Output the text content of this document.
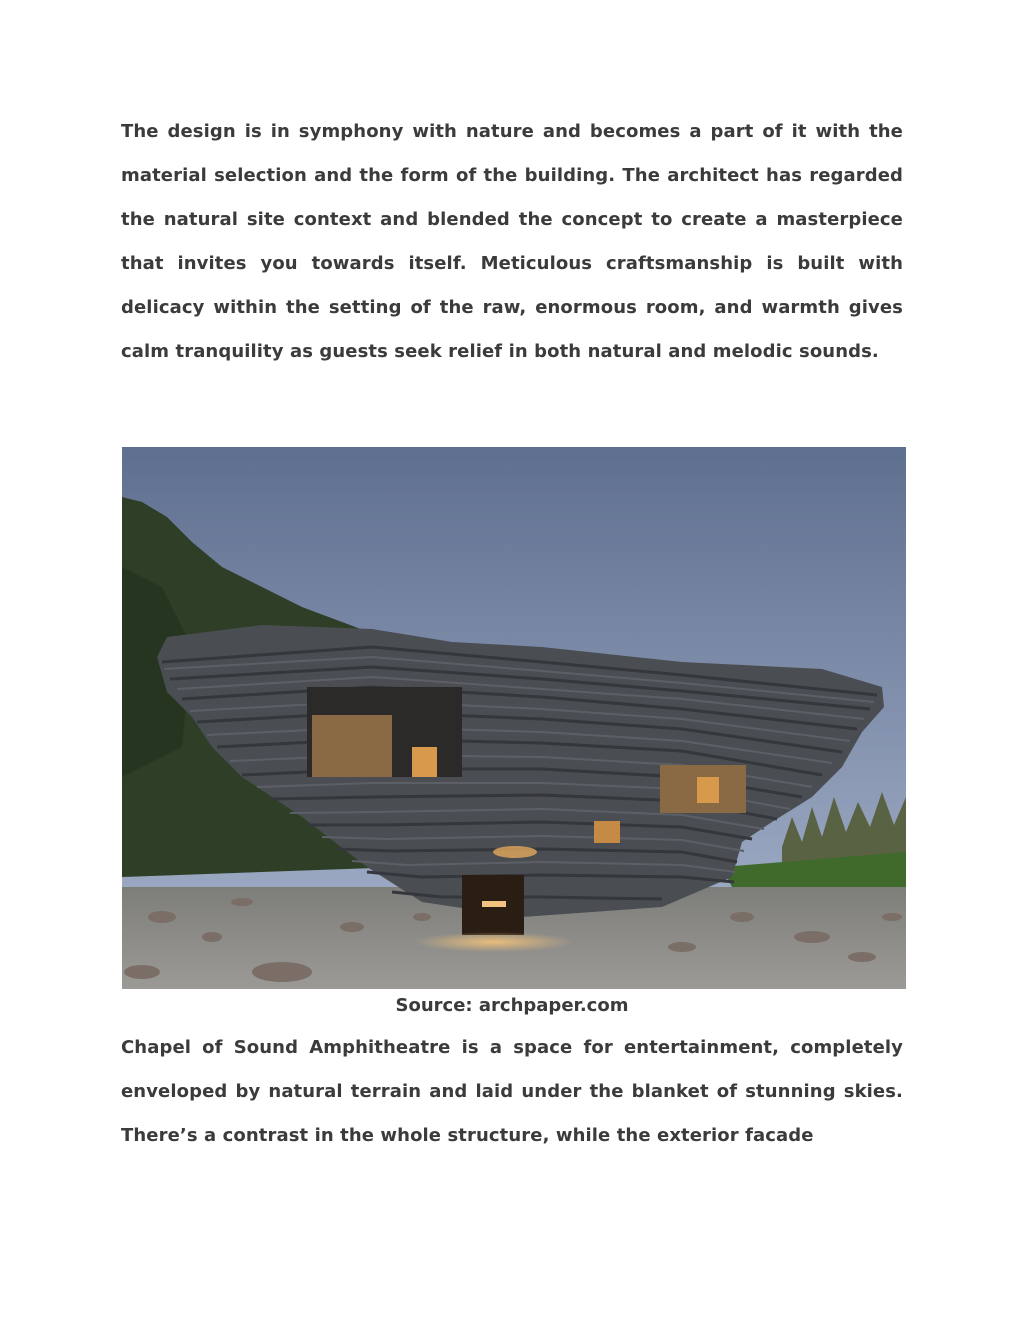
The design is in symphony with nature and becomes a part of it with the material selection and the form of the building. The architect has regarded the natural site context and blended the concept to create a masterpiece that invites you towards itself. Meticulous craftsmanship is built with delicacy within the setting of the raw, enormous room, and warmth gives calm tranquility as guests seek relief in both natural and melodic sounds.

Source: archpaper.com

Chapel of Sound Amphitheatre is a space for entertainment, completely enveloped by natural terrain and laid under the blanket of stunning skies. There’s a contrast in the whole structure, while the exterior facade
